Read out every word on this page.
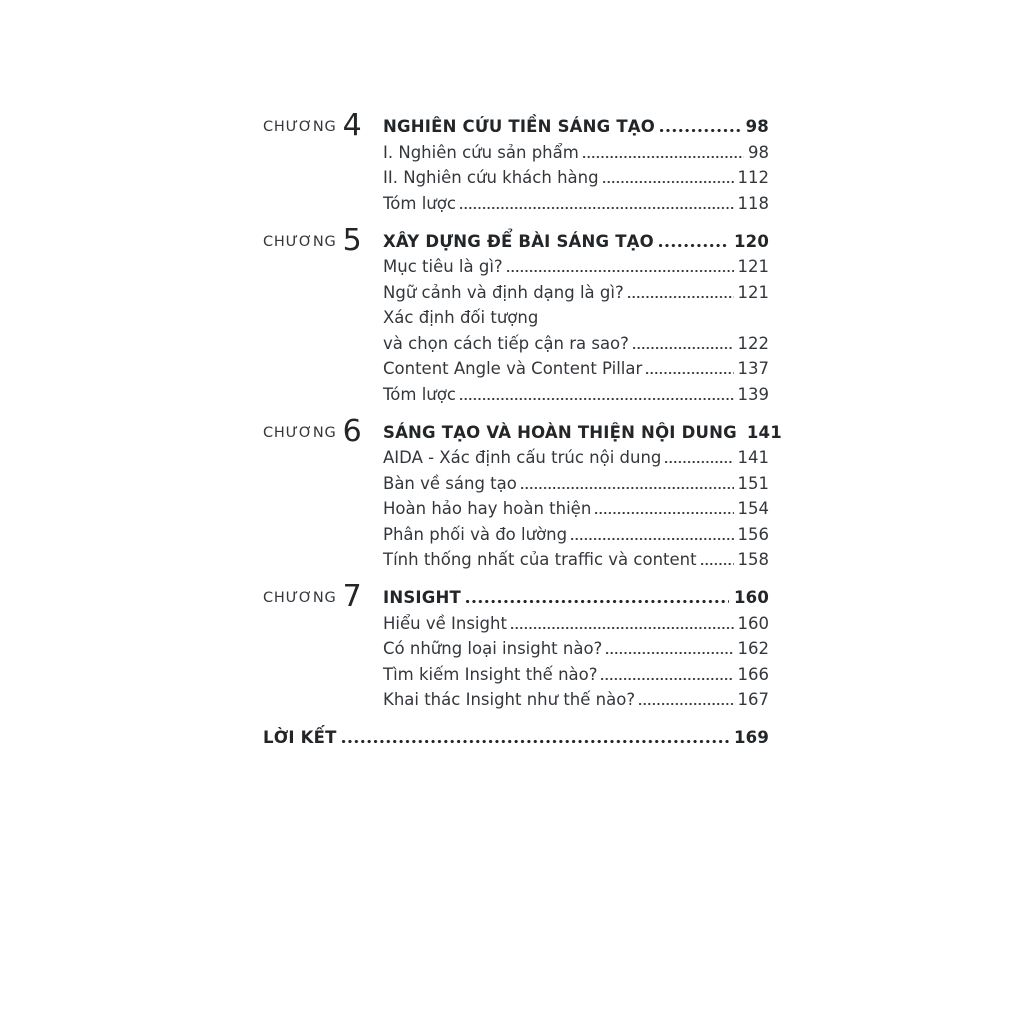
CHƯƠNG 4 NGHIÊN CỨU TIỀN SÁNG TẠO	98
I. Nghiên cứu sản phẩm	98
II. Nghiên cứu khách hàng	112
Tóm lược	118
CHƯƠNG 5 XÂY DỰNG ĐỂ BÀI SÁNG TẠO	120
Mục tiêu là gì?	121
Ngữ cảnh và định dạng là gì?	121
Xác định đối tượng
và chọn cách tiếp cận ra sao?	122
Content Angle và Content Pillar	137
Tóm lược	139
CHƯƠNG 6 SÁNG TẠO VÀ HOÀN THIỆN NỘI DUNG 141
AIDA - Xác định cấu trúc nội dung	141
Bàn về sáng tạo	151
Hoàn hảo hay hoàn thiện	154
Phân phối và đo lường	156
Tính thống nhất của traffic và content 158
CHƯƠNG 7 INSIGHT	160
Hiểu về Insight	160
Có những loại insight nào?	162
Tìm kiếm Insight thế nào?	166
Khai thác Insight như thế nào?	167
LỜI KẾT	169
